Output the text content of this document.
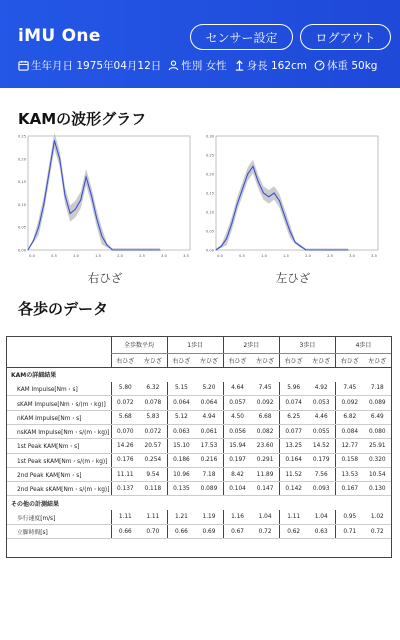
iMU One	センサー設定	ログアウト
生年月日 1975年04月12日 性別 女性 身長 162cm 体重 50kg
KAMの波形グラフ
0.00
0.05
0.10
0.15
0.20
0.25
0.0	0.5	1.0	1.5	2.0	2.5	3.0	3.5
0.00
0.05
0.10
0.15
0.20
0.25
0.30
0.0	0.5	1.0	1.5	2.0	2.5	3.0	3.5
右ひざ	左ひざ
各歩のデータ
	全歩数平均		1歩目		2歩目		3歩目		4歩目	
	右ひざ	左ひざ	右ひざ	左ひざ	右ひざ	左ひざ	右ひざ	左ひざ	右ひざ	左ひざ
KAMの詳細結果										
KAM Impulse[Nm・s]	5.80	6.32	5.15	5.20	4.64	7.45	5.96	4.92	7.45	7.18
sKAM Impulse[Nm・s/(m・kg)]	0.072	0.078	0.064	0.064	0.057	0.092	0.074	0.053	0.092	0.089
nKAM Impulse[Nm・s]	5.68	5.83	5.12	4.94	4.50	6.68	6.25	4.46	6.82	6.49
nsKAM Impulse[Nm・s/(m・kg)]	0.070	0.072	0.063	0.061	0.056	0.082	0.077	0.055	0.084	0.080
1st Peak KAM[Nm・s]	14.26	20.57	15.10	17.53	15.94	23.60	13.25	14.52	12.77	25.91
1st Peak sKAM[Nm・s/(m・kg)]	0.176	0.254	0.186	0.216	0.197	0.291	0.164	0.179	0.158	0.320
2nd Peak KAM[Nm・s]	11.11	9.54	10.96	7.18	8.42	11.89	11.52	7.56	13.53	10.54
2nd Peak sKAM[Nm・s/(m・kg)]	0.137	0.118	0.135	0.089	0.104	0.147	0.142	0.093	0.167	0.130
その他の計測結果										
歩行速度[m/s]	1.11	1.11	1.21	1.19	1.16	1.04	1.11	1.04	0.95	1.02
立脚時間[s]	0.66	0.70	0.66	0.69	0.67	0.72	0.62	0.63	0.71	0.72
